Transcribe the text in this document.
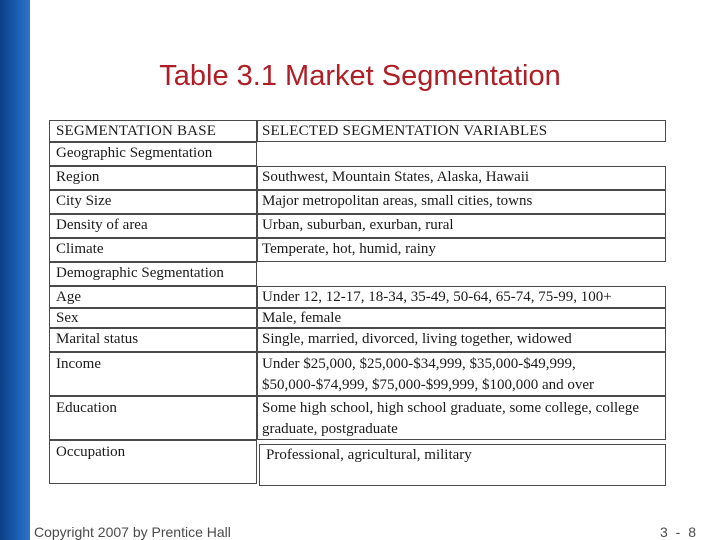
Table 3.1 Market Segmentation
SEGMENTATION BASE	SELECTED SEGMENTATION VARIABLES
Geographic Segmentation
Region	Southwest, Mountain States, Alaska, Hawaii
City Size	Major metropolitan areas, small cities, towns
Density of area	Urban, suburban, exurban, rural
Climate	Temperate, hot, humid, rainy
Demographic Segmentation
Age	Under 12, 12-17, 18-34, 35-49, 50-64, 65-74, 75-99, 100+
Sex	Male, female
Marital status	Single, married, divorced, living together, widowed
Income	Under $25,000, $25,000-$34,999, $35,000-$49,999, $50,000-$74,999, $75,000-$99,999, $100,000 and over
Education	Some high school, high school graduate, some college, college graduate, postgraduate
Occupation	Professional, agricultural, military
Copyright 2007 by Prentice Hall	3 - 8
